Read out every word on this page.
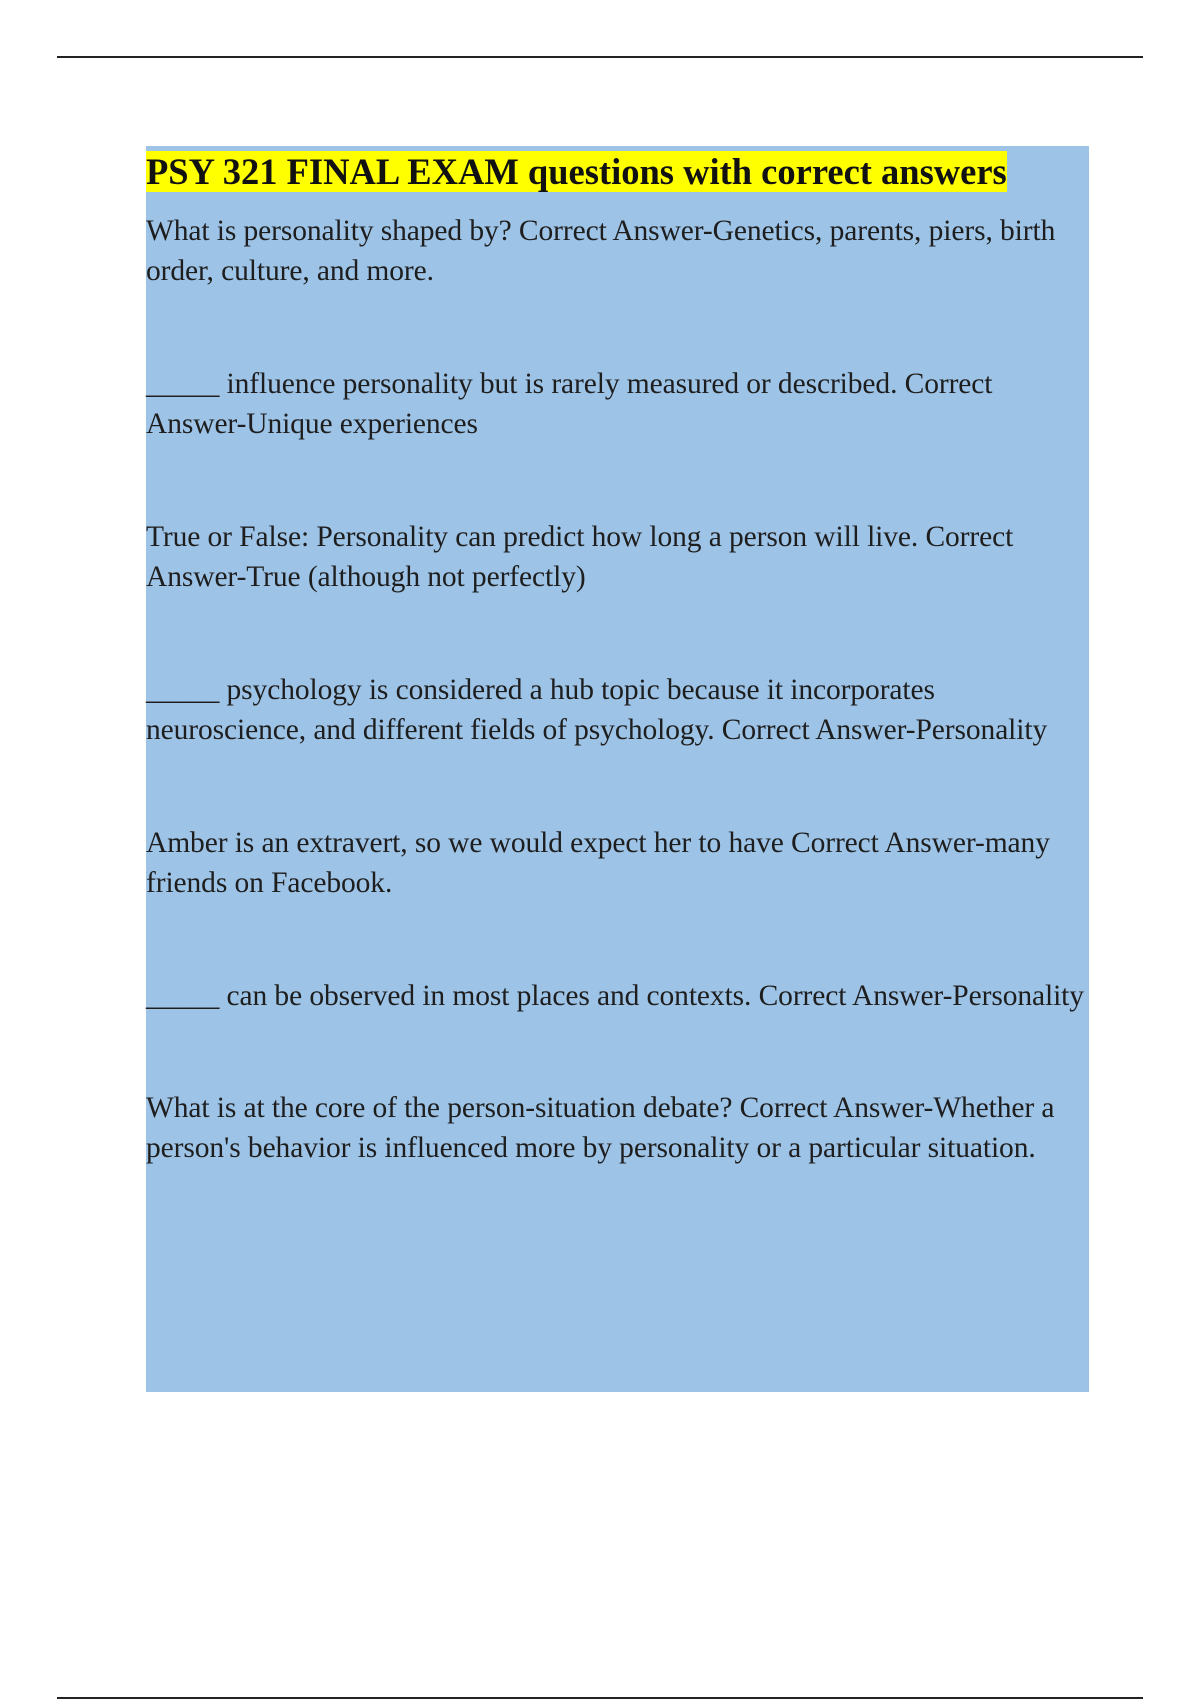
PSY 321 FINAL EXAM questions with correct answers

What is personality shaped by? Correct Answer-Genetics, parents, piers, birth order, culture, and more.

_____ influence personality but is rarely measured or described. Correct Answer-Unique experiences

True or False: Personality can predict how long a person will live. Correct Answer-True (although not perfectly)

_____ psychology is considered a hub topic because it incorporates neuroscience, and different fields of psychology. Correct Answer-Personality

Amber is an extravert, so we would expect her to have Correct Answer-many friends on Facebook.

_____ can be observed in most places and contexts. Correct Answer-Personality

What is at the core of the person-situation debate? Correct Answer-Whether a person's behavior is influenced more by personality or a particular situation.
